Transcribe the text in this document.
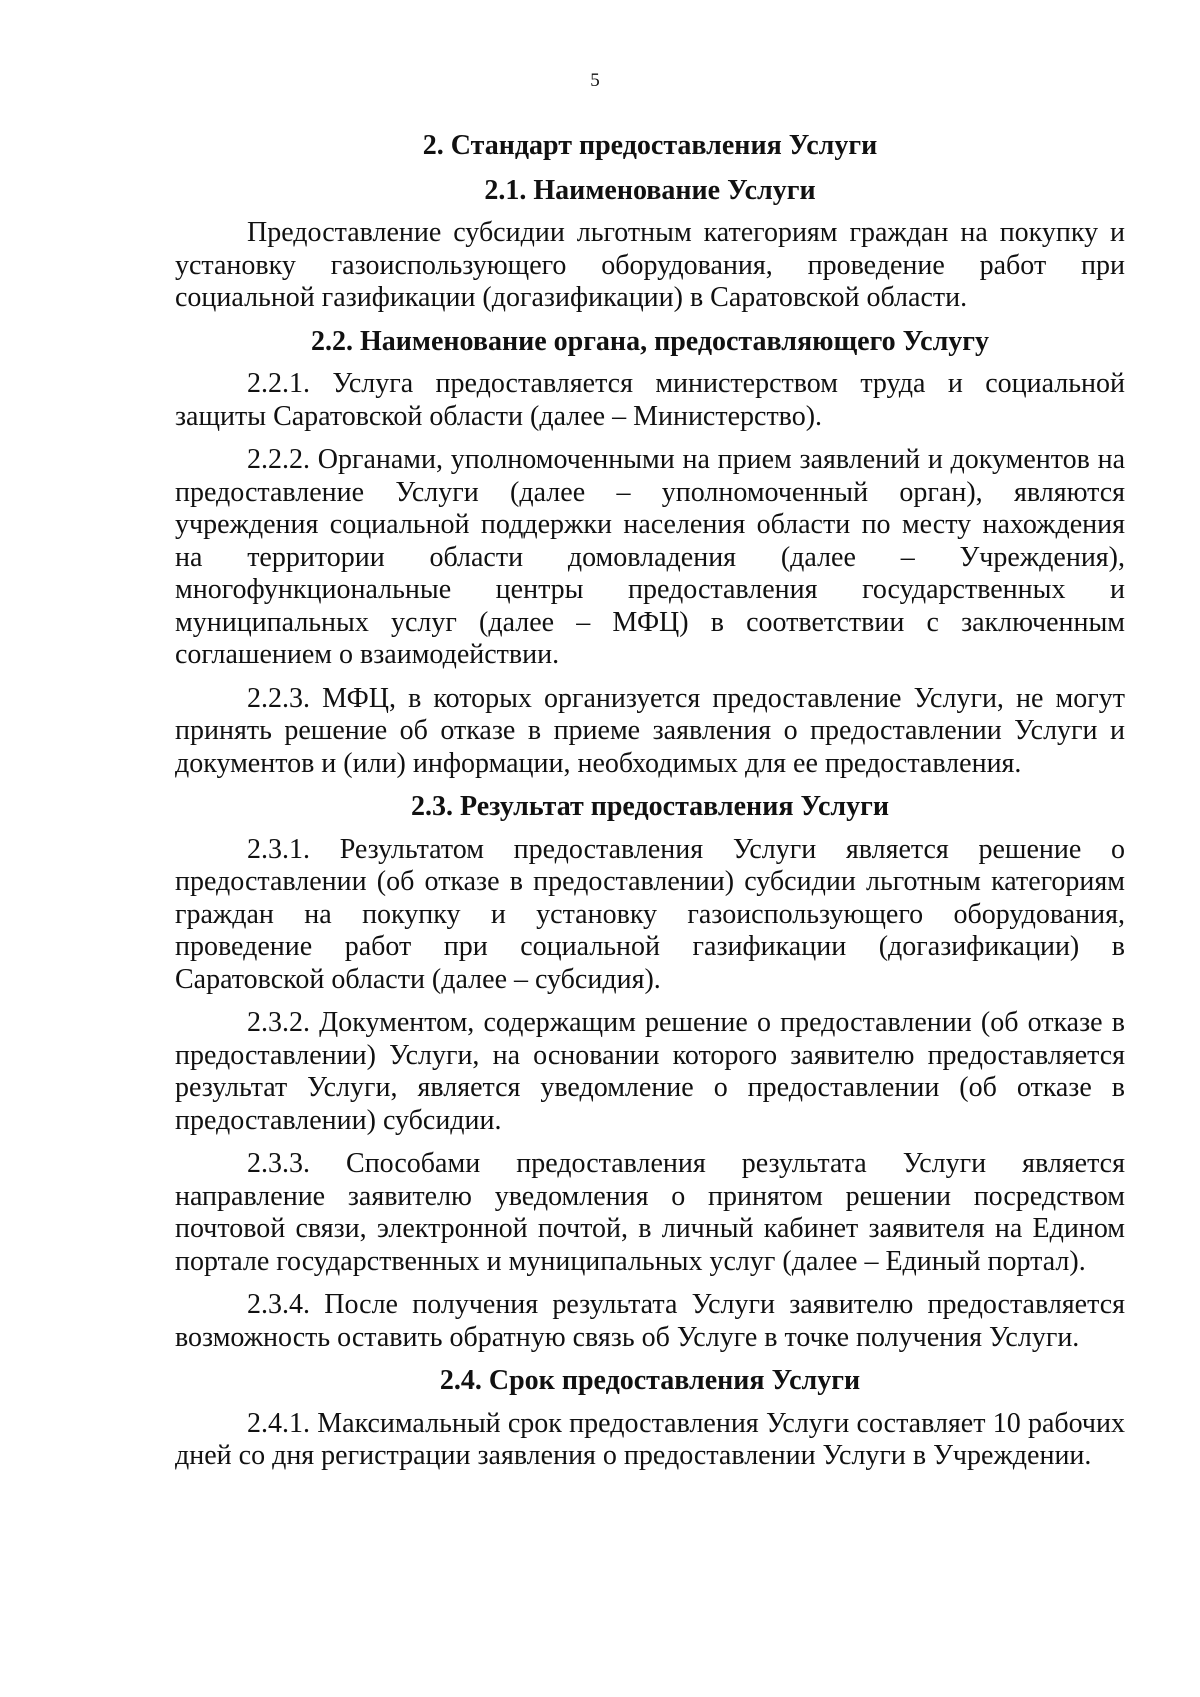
5
2. Стандарт предоставления Услуги
2.1. Наименование Услуги

Предоставление субсидии льготным категориям граждан на покупку и установку газоиспользующего оборудования, проведение работ при социальной газификации (догазификации) в Саратовской области.

2.2. Наименование органа, предоставляющего Услугу

2.2.1. Услуга предоставляется министерством труда и социальной защиты Саратовской области (далее – Министерство).

2.2.2. Органами, уполномоченными на прием заявлений и документов на предоставление Услуги (далее – уполномоченный орган), являются учреждения социальной поддержки населения области по месту нахождения на территории области домовладения (далее – Учреждения), многофункциональные центры предоставления государственных и муниципальных услуг (далее – МФЦ) в соответствии с заключенным соглашением о взаимодействии.

2.2.3. МФЦ, в которых организуется предоставление Услуги, не могут принять решение об отказе в приеме заявления о предоставлении Услуги и документов и (или) информации, необходимых для ее предоставления.

2.3. Результат предоставления Услуги

2.3.1. Результатом предоставления Услуги является решение о предоставлении (об отказе в предоставлении) субсидии льготным категориям граждан на покупку и установку газоиспользующего оборудования, проведение работ при социальной газификации (догазификации) в Саратовской области (далее – субсидия).

2.3.2. Документом, содержащим решение о предоставлении (об отказе в предоставлении) Услуги, на основании которого заявителю предоставляется результат Услуги, является уведомление о предоставлении (об отказе в предоставлении) субсидии.

2.3.3. Способами предоставления результата Услуги является направление заявителю уведомления о принятом решении посредством почтовой связи, электронной почтой, в личный кабинет заявителя на Едином портале государственных и муниципальных услуг (далее – Единый портал).

2.3.4. После получения результата Услуги заявителю предоставляется возможность оставить обратную связь об Услуге в точке получения Услуги.

2.4. Срок предоставления Услуги

2.4.1. Максимальный срок предоставления Услуги составляет 10 рабочих дней со дня регистрации заявления о предоставлении Услуги в Учреждении.
